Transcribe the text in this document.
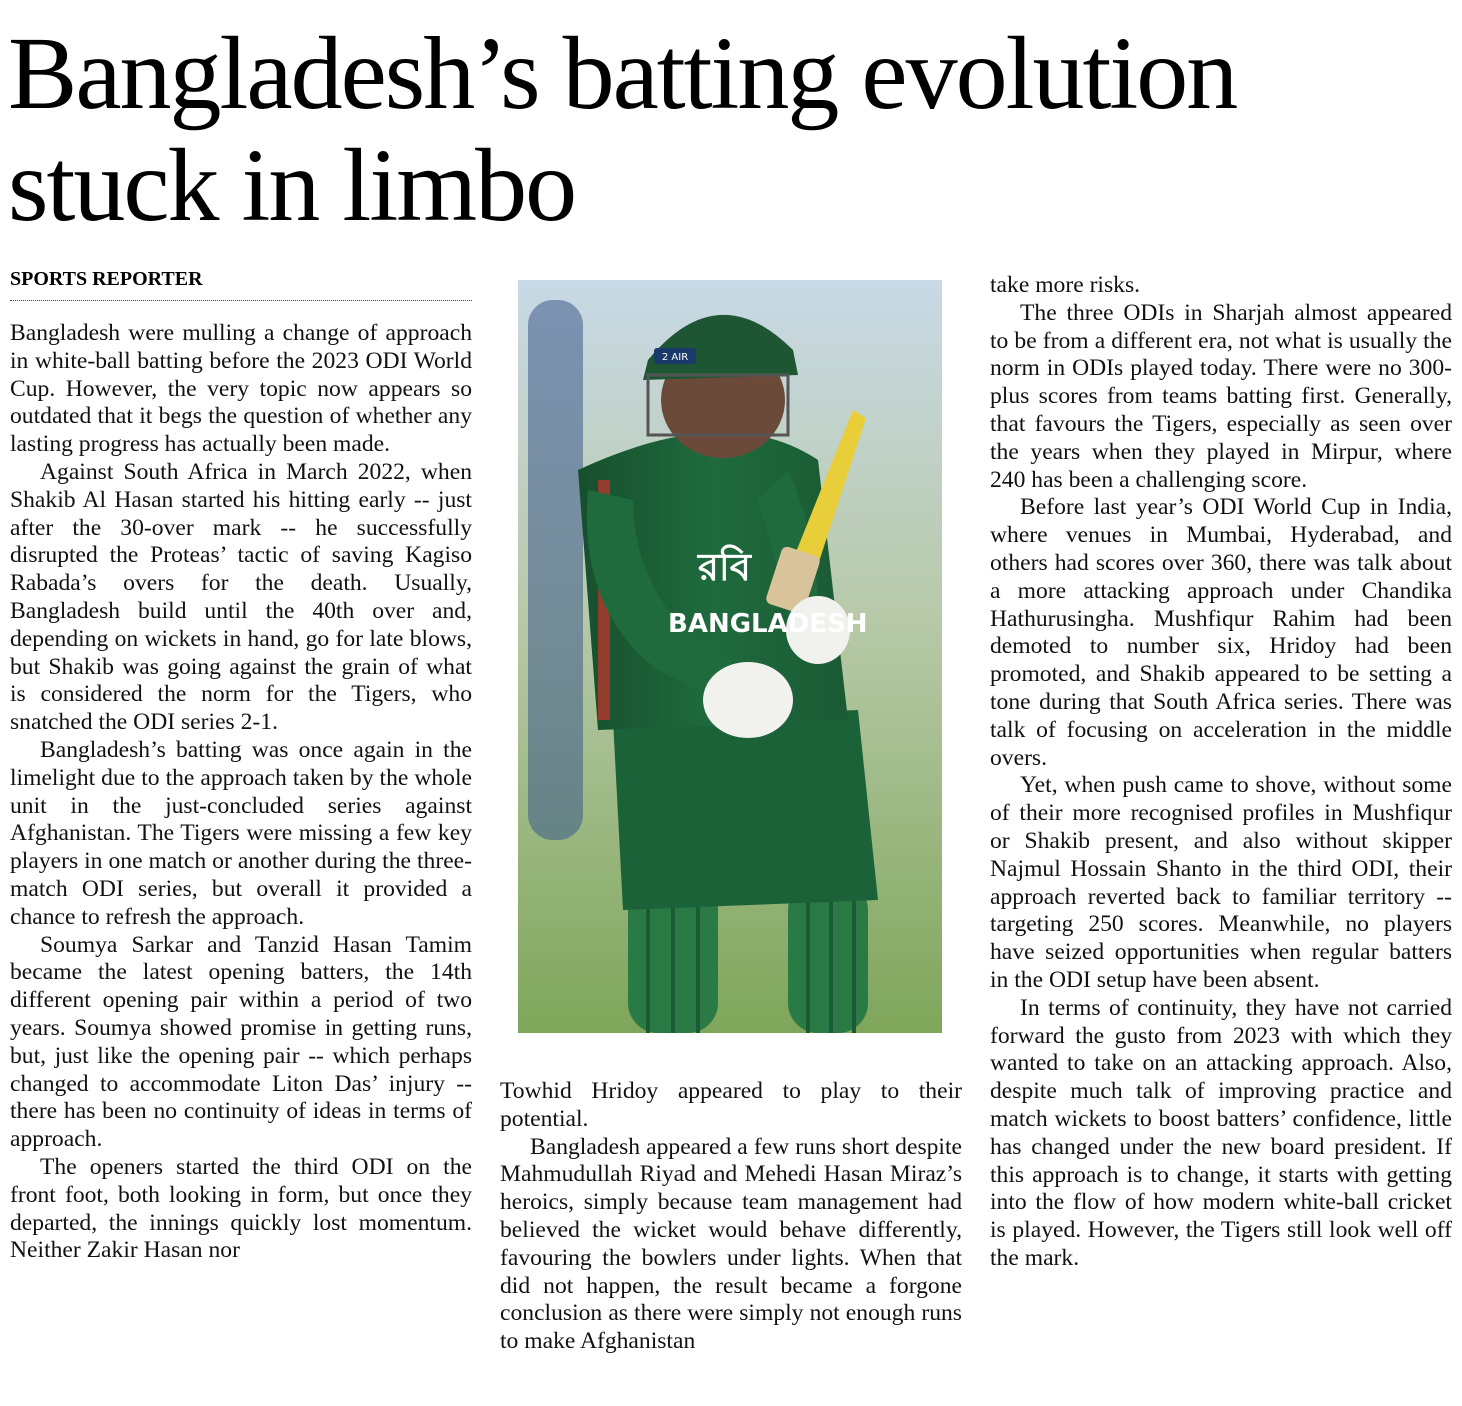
Bangladesh’s batting evolution stuck in limbo
SPORTS REPORTER

Bangladesh were mulling a change of approach in white-ball batting before the 2023 ODI World Cup. However, the very topic now appears so outdated that it begs the question of whether any lasting progress has actually been made.

Against South Africa in March 2022, when Shakib Al Hasan started his hitting early -- just after the 30-over mark -- he successfully disrupted the Proteas’ tactic of saving Kagiso Rabada’s overs for the death. Usually, Bangladesh build until the 40th over and, depending on wickets in hand, go for late blows, but Shakib was going against the grain of what is considered the norm for the Tigers, who snatched the ODI series 2-1.

Bangladesh’s batting was once again in the limelight due to the approach taken by the whole unit in the just-concluded series against Afghanistan. The Tigers were missing a few key players in one match or another during the three-match ODI series, but overall it provided a chance to refresh the approach.

Soumya Sarkar and Tanzid Hasan Tamim became the latest opening batters, the 14th different opening pair within a period of two years. Soumya showed promise in getting runs, but, just like the opening pair -- which perhaps changed to accommodate Liton Das’ injury -- there has been no continuity of ideas in terms of approach.

The openers started the third ODI on the front foot, both looking in form, but once they departed, the innings quickly lost momentum. Neither Zakir Hasan nor

2 AIR
রবি
BANGLADESH

Towhid Hridoy appeared to play to their potential.

Bangladesh appeared a few runs short despite Mahmudullah Riyad and Mehedi Hasan Miraz’s heroics, simply because team management had believed the wicket would behave differently, favouring the bowlers under lights. When that did not happen, the result became a forgone conclusion as there were simply not enough runs to make Afghanistan

take more risks.

The three ODIs in Sharjah almost appeared to be from a different era, not what is usually the norm in ODIs played today. There were no 300-plus scores from teams batting first. Generally, that favours the Tigers, especially as seen over the years when they played in Mirpur, where 240 has been a challenging score.

Before last year’s ODI World Cup in India, where venues in Mumbai, Hyderabad, and others had scores over 360, there was talk about a more attacking approach under Chandika Hathurusingha. Mushfiqur Rahim had been demoted to number six, Hridoy had been promoted, and Shakib appeared to be setting a tone during that South Africa series. There was talk of focusing on acceleration in the middle overs.

Yet, when push came to shove, without some of their more recognised profiles in Mushfiqur or Shakib present, and also without skipper Najmul Hossain Shanto in the third ODI, their approach reverted back to familiar territory -- targeting 250 scores. Meanwhile, no players have seized opportunities when regular batters in the ODI setup have been absent.

In terms of continuity, they have not carried forward the gusto from 2023 with which they wanted to take on an attacking approach. Also, despite much talk of improving practice and match wickets to boost batters’ confidence, little has changed under the new board president. If this approach is to change, it starts with getting into the flow of how modern white-ball cricket is played. However, the Tigers still look well off the mark.
